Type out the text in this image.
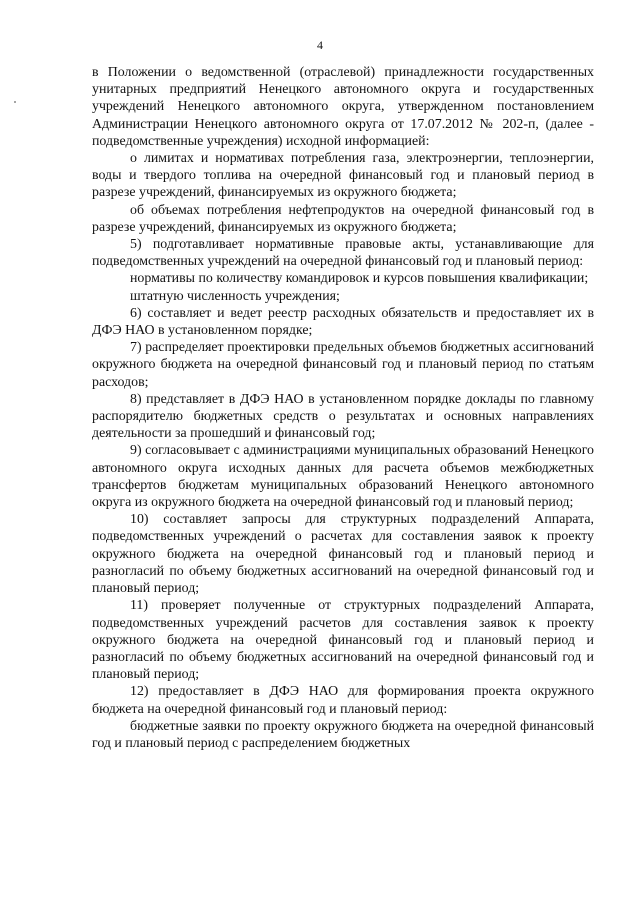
4

в Положении о ведомственной (отраслевой) принадлежности государственных унитарных предприятий Ненецкого автономного округа и государственных учреждений Ненецкого автономного округа, утвержденном постановлением Администрации Ненецкого автономного округа от 17.07.2012 № 202-п, (далее - подведомственные учреждения) исходной информацией:

о лимитах и нормативах потребления газа, электроэнергии, теплоэнергии, воды и твердого топлива на очередной финансовый год и плановый период в разрезе учреждений, финансируемых из окружного бюджета;

об объемах потребления нефтепродуктов на очередной финансовый год в разрезе учреждений, финансируемых из окружного бюджета;

5) подготавливает нормативные правовые акты, устанавливающие для подведомственных учреждений на очередной финансовый год и плановый период:

нормативы по количеству командировок и курсов повышения квалификации;

штатную численность учреждения;

6) составляет и ведет реестр расходных обязательств и предоставляет их в ДФЭ НАО в установленном порядке;

7) распределяет проектировки предельных объемов бюджетных ассигнований окружного бюджета на очередной финансовый год и плановый период по статьям расходов;

8) представляет в ДФЭ НАО в установленном порядке доклады по главному распорядителю бюджетных средств о результатах и основных направлениях деятельности за прошедший и финансовый год;

9) согласовывает с администрациями муниципальных образований Ненецкого автономного округа исходных данных для расчета объемов межбюджетных трансфертов бюджетам муниципальных образований Ненецкого автономного округа из окружного бюджета на очередной финансовый год и плановый период;

10) составляет запросы для структурных подразделений Аппарата, подведомственных учреждений о расчетах для составления заявок к проекту окружного бюджета на очередной финансовый год и плановый период и разногласий по объему бюджетных ассигнований на очередной финансовый год и плановый период;

11) проверяет полученные от структурных подразделений Аппарата, подведомственных учреждений расчетов для составления заявок к проекту окружного бюджета на очередной финансовый год и плановый период и разногласий по объему бюджетных ассигнований на очередной финансовый год и плановый период;

12) предоставляет в ДФЭ НАО для формирования проекта окружного бюджета на очередной финансовый год и плановый период:

бюджетные заявки по проекту окружного бюджета на очередной финансовый год и плановый период с распределением бюджетных
